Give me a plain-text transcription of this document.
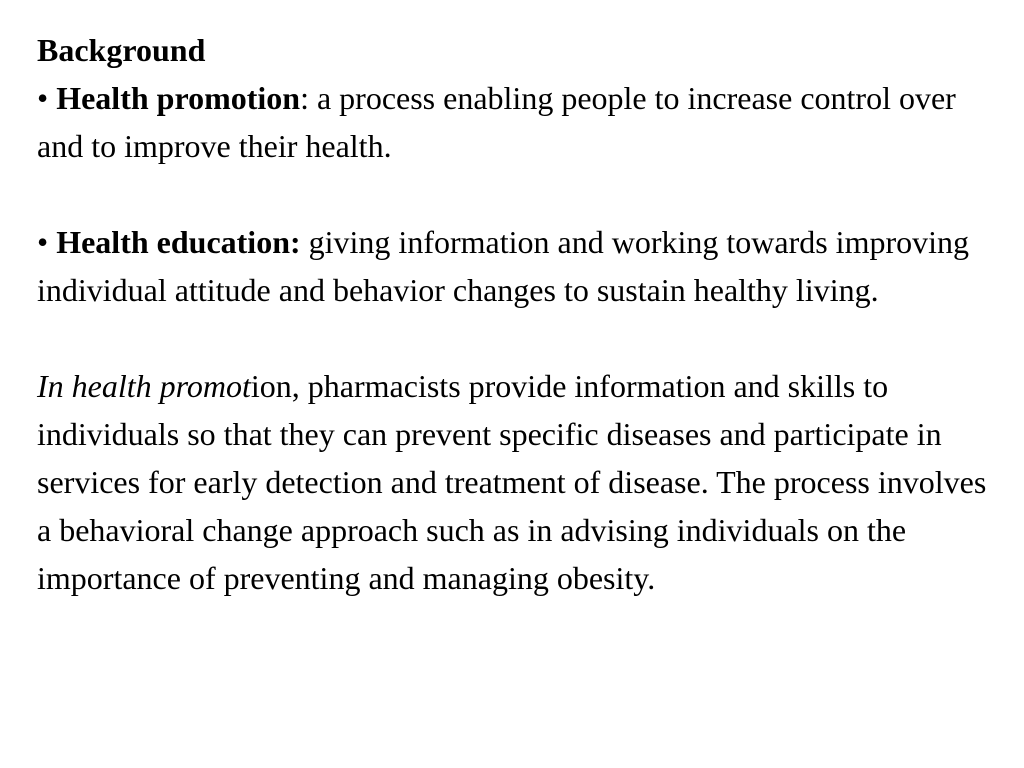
Background

• Health promotion: a process enabling people to increase control over and to improve their health.

• Health education: giving information and working towards improving individual attitude and behavior changes to sustain healthy living.

In health promotion, pharmacists provide information and skills to individuals so that they can prevent specific diseases and participate in services for early detection and treatment of disease. The process involves a behavioral change approach such as in advising individuals on the importance of preventing and managing obesity.
